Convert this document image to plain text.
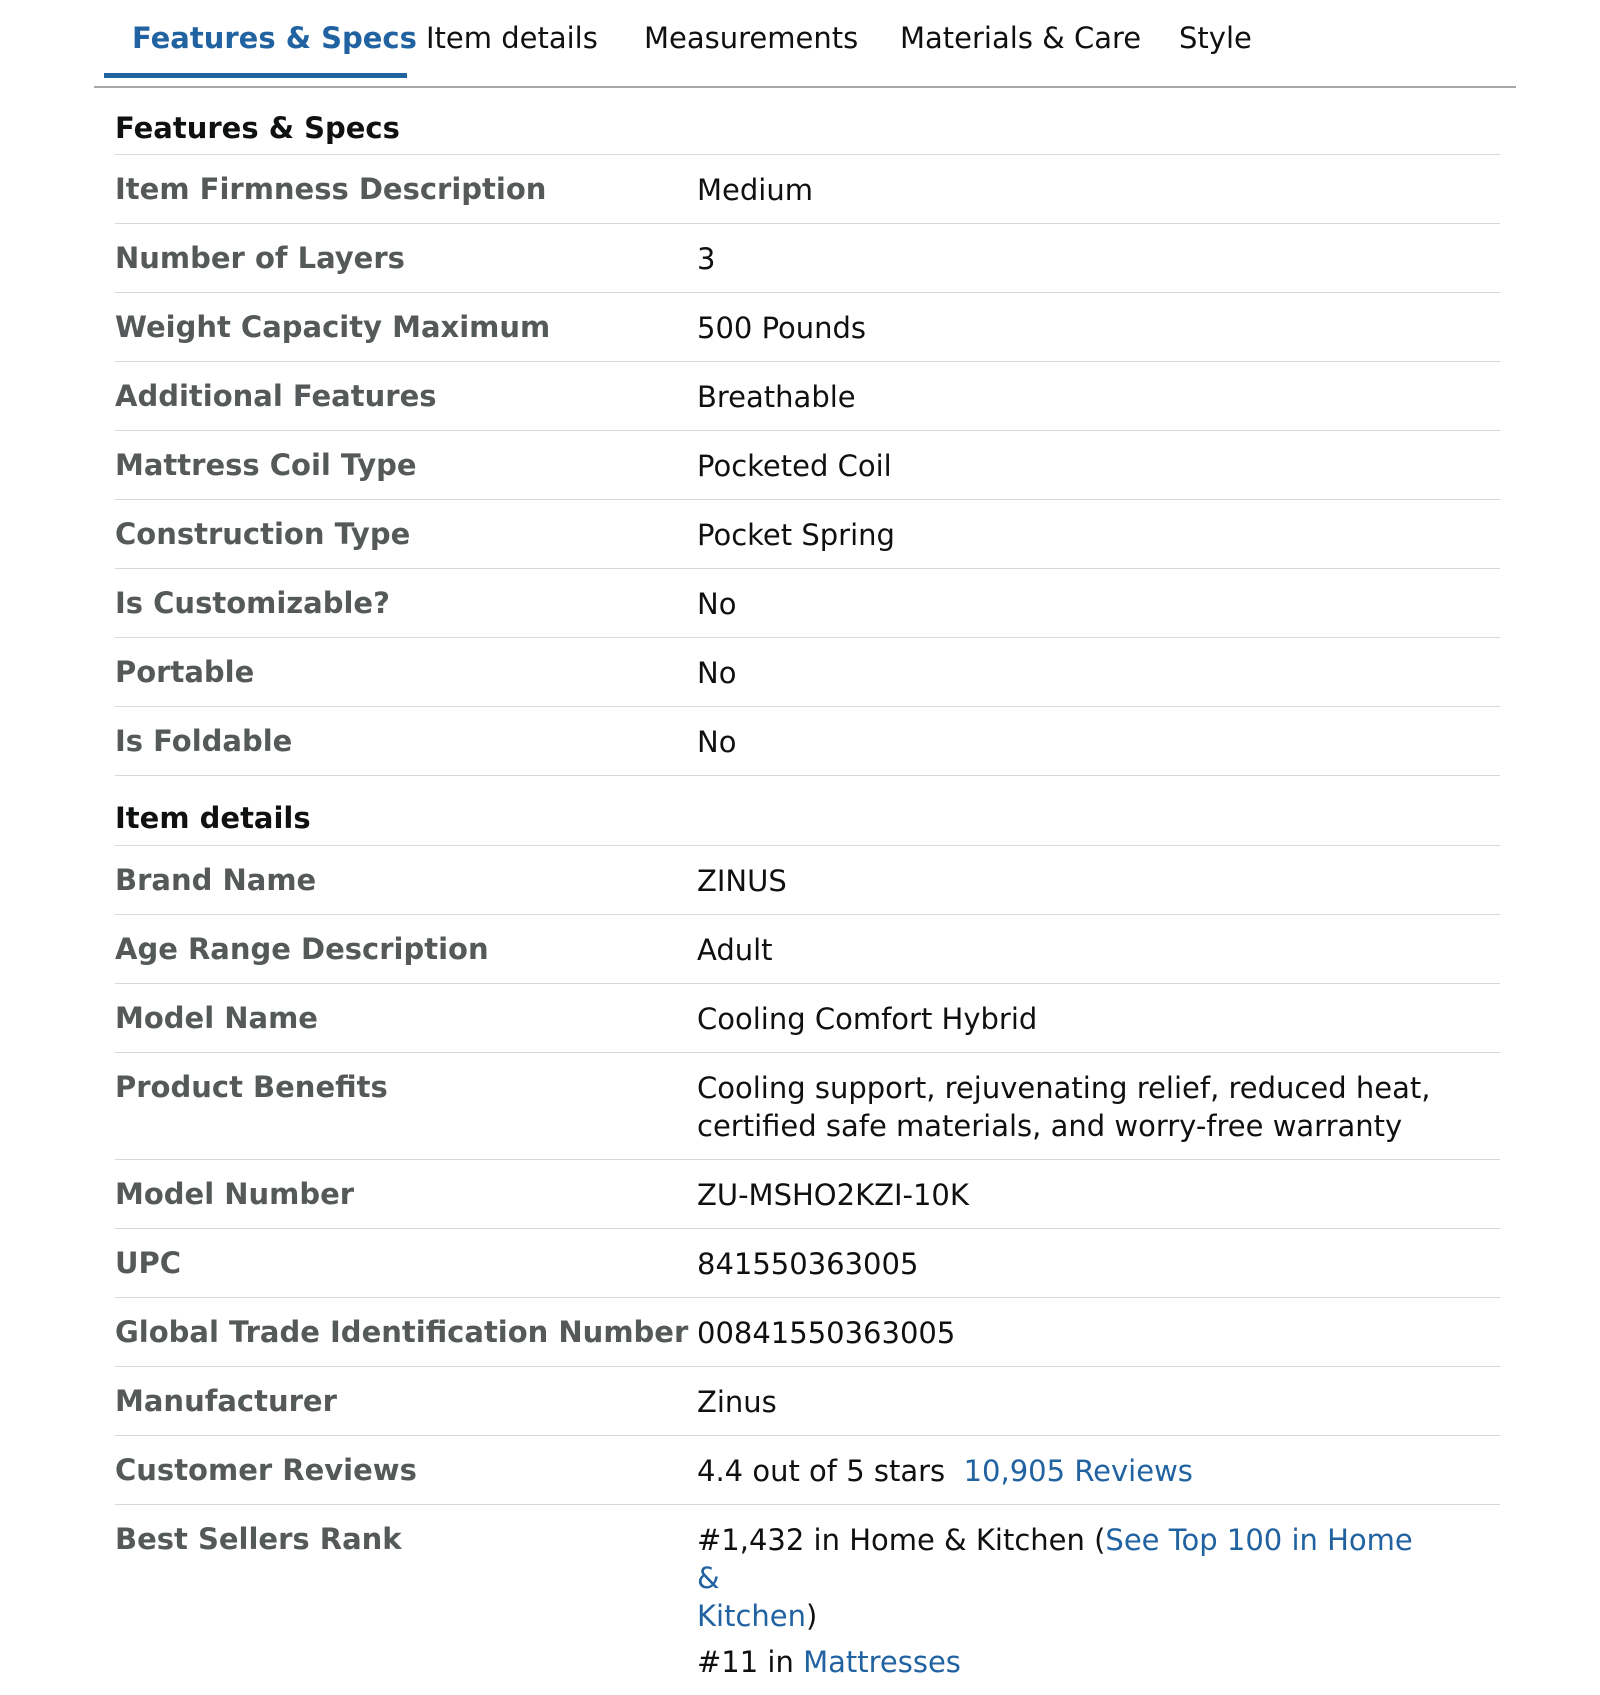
Features & Specs Item details Measurements Materials & Care Style
Features & Specs
Item Firmness Description	Medium
Number of Layers	3
Weight Capacity Maximum	500 Pounds
Additional Features	Breathable
Mattress Coil Type	Pocketed Coil
Construction Type	Pocket Spring
Is Customizable?	No
Portable	No
Is Foldable	No
Item details
Brand Name	ZINUS
Age Range Description	Adult
Model Name	Cooling Comfort Hybrid
Product Benefits	Cooling support, rejuvenating relief, reduced heat,
certified safe materials, and worry-free warranty
Model Number	ZU-MSHO2KZI-10K
UPC	841550363005
Global Trade Identification Number 00841550363005
Manufacturer	Zinus
Customer Reviews	4.4 out of 5 stars 10,905 Reviews
Best Sellers Rank	#1,432 in Home & Kitchen (See Top 100 in Home &
Kitchen)
#11 in Mattresses
